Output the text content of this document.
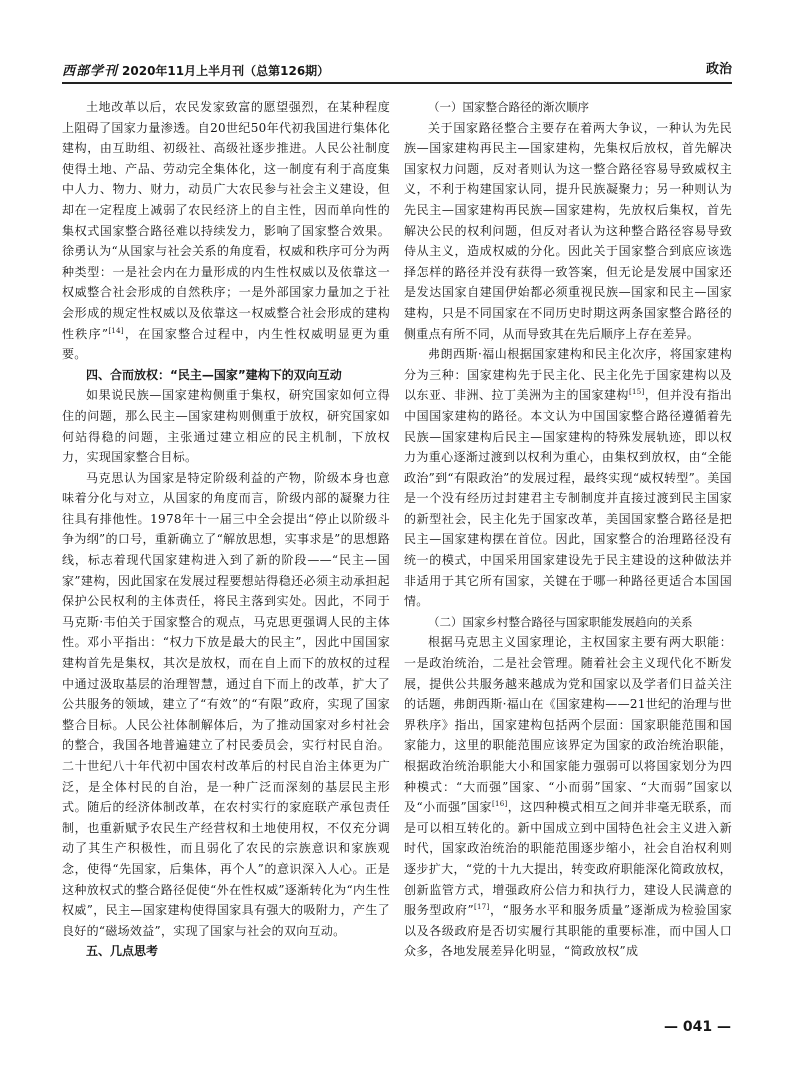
西部学刊 2020年11月上半月刊（总第126期）	政治

土地改革以后，农民发家致富的愿望强烈，在某种程度上阻碍了国家力量渗透。自20世纪50年代初我国进行集体化建构，由互助组、初级社、高级社逐步推进。人民公社制度使得土地、产品、劳动完全集体化，这一制度有利于高度集中人力、物力、财力，动员广大农民参与社会主义建设，但却在一定程度上减弱了农民经济上的自主性，因而单向性的集权式国家整合路径难以持续发力，影响了国家整合效果。徐勇认为“从国家与社会关系的角度看，权威和秩序可分为两种类型：一是社会内在力量形成的内生性权威以及依靠这一权威整合社会形成的自然秩序；一是外部国家力量加之于社会形成的规定性权威以及依靠这一权威整合社会形成的建构性秩序”[14]，在国家整合过程中，内生性权威明显更为重要。

四、合而放权：“民主—国家”建构下的双向互动

如果说民族—国家建构侧重于集权，研究国家如何立得住的问题，那么民主—国家建构则侧重于放权，研究国家如何站得稳的问题，主张通过建立相应的民主机制，下放权力，实现国家整合目标。

马克思认为国家是特定阶级利益的产物，阶级本身也意味着分化与对立，从国家的角度而言，阶级内部的凝聚力往往具有排他性。1978年十一届三中全会提出“停止以阶级斗争为纲”的口号，重新确立了“解放思想，实事求是”的思想路线，标志着现代国家建构进入到了新的阶段——“民主—国家”建构，因此国家在发展过程要想站得稳还必须主动承担起保护公民权利的主体责任，将民主落到实处。因此，不同于马克斯·韦伯关于国家整合的观点，马克思更强调人民的主体性。邓小平指出：“权力下放是最大的民主”，因此中国国家建构首先是集权，其次是放权，而在自上而下的放权的过程中通过汲取基层的治理智慧，通过自下而上的改革，扩大了公共服务的领域，建立了“有效”的“有限”政府，实现了国家整合目标。人民公社体制解体后，为了推动国家对乡村社会的整合，我国各地普遍建立了村民委员会，实行村民自治。二十世纪八十年代初中国农村改革后的村民自治主体更为广泛，是全体村民的自治，是一种广泛而深刻的基层民主形式。随后的经济体制改革，在农村实行的家庭联产承包责任制，也重新赋予农民生产经营权和土地使用权，不仅充分调动了其生产积极性，而且弱化了农民的宗族意识和家族观念，使得“先国家，后集体，再个人”的意识深入人心。正是这种放权式的整合路径促使“外在性权威”逐渐转化为“内生性权威”，民主—国家建构使得国家具有强大的吸附力，产生了良好的“磁场效益”，实现了国家与社会的双向互动。

五、几点思考
（一）国家整合路径的渐次顺序

关于国家路径整合主要存在着两大争议，一种认为先民族—国家建构再民主—国家建构，先集权后放权，首先解决国家权力问题，反对者则认为这一整合路径容易导致威权主义，不利于构建国家认同，提升民族凝聚力；另一种则认为先民主—国家建构再民族—国家建构，先放权后集权，首先解决公民的权利问题，但反对者认为这种整合路径容易导致侍从主义，造成权威的分化。因此关于国家整合到底应该选择怎样的路径并没有获得一致答案，但无论是发展中国家还是发达国家自建国伊始都必须重视民族—国家和民主—国家建构，只是不同国家在不同历史时期这两条国家整合路径的侧重点有所不同，从而导致其在先后顺序上存在差异。

弗朗西斯·福山根据国家建构和民主化次序，将国家建构分为三种：国家建构先于民主化、民主化先于国家建构以及以东亚、非洲、拉丁美洲为主的国家建构[15]，但并没有指出中国国家建构的路径。本文认为中国国家整合路径遵循着先民族—国家建构后民主—国家建构的特殊发展轨迹，即以权力为重心逐渐过渡到以权利为重心，由集权到放权，由“全能政治”到“有限政治”的发展过程，最终实现“威权转型”。美国是一个没有经历过封建君主专制制度并直接过渡到民主国家的新型社会，民主化先于国家改革，美国国家整合路径是把民主—国家建构摆在首位。因此，国家整合的治理路径没有统一的模式，中国采用国家建设先于民主建设的这种做法并非适用于其它所有国家，关键在于哪一种路径更适合本国国情。

（二）国家乡村整合路径与国家职能发展趋向的关系

根据马克思主义国家理论，主权国家主要有两大职能：一是政治统治，二是社会管理。随着社会主义现代化不断发展，提供公共服务越来越成为党和国家以及学者们日益关注的话题，弗朗西斯·福山在《国家建构——21世纪的治理与世界秩序》指出，国家建构包括两个层面：国家职能范围和国家能力，这里的职能范围应该界定为国家的政治统治职能，根据政治统治职能大小和国家能力强弱可以将国家划分为四种模式：“大而强”国家、“小而弱”国家、“大而弱”国家以及“小而强”国家[16]，这四种模式相互之间并非毫无联系，而是可以相互转化的。新中国成立到中国特色社会主义进入新时代，国家政治统治的职能范围逐步缩小，社会自治权利则逐步扩大，“党的十九大提出，转变政府职能深化简政放权，创新监管方式，增强政府公信力和执行力，建设人民满意的服务型政府”[17]，“服务水平和服务质量”逐渐成为检验国家以及各级政府是否切实履行其职能的重要标准，而中国人口众多，各地发展差异化明显，“简政放权”成

— 041 —
